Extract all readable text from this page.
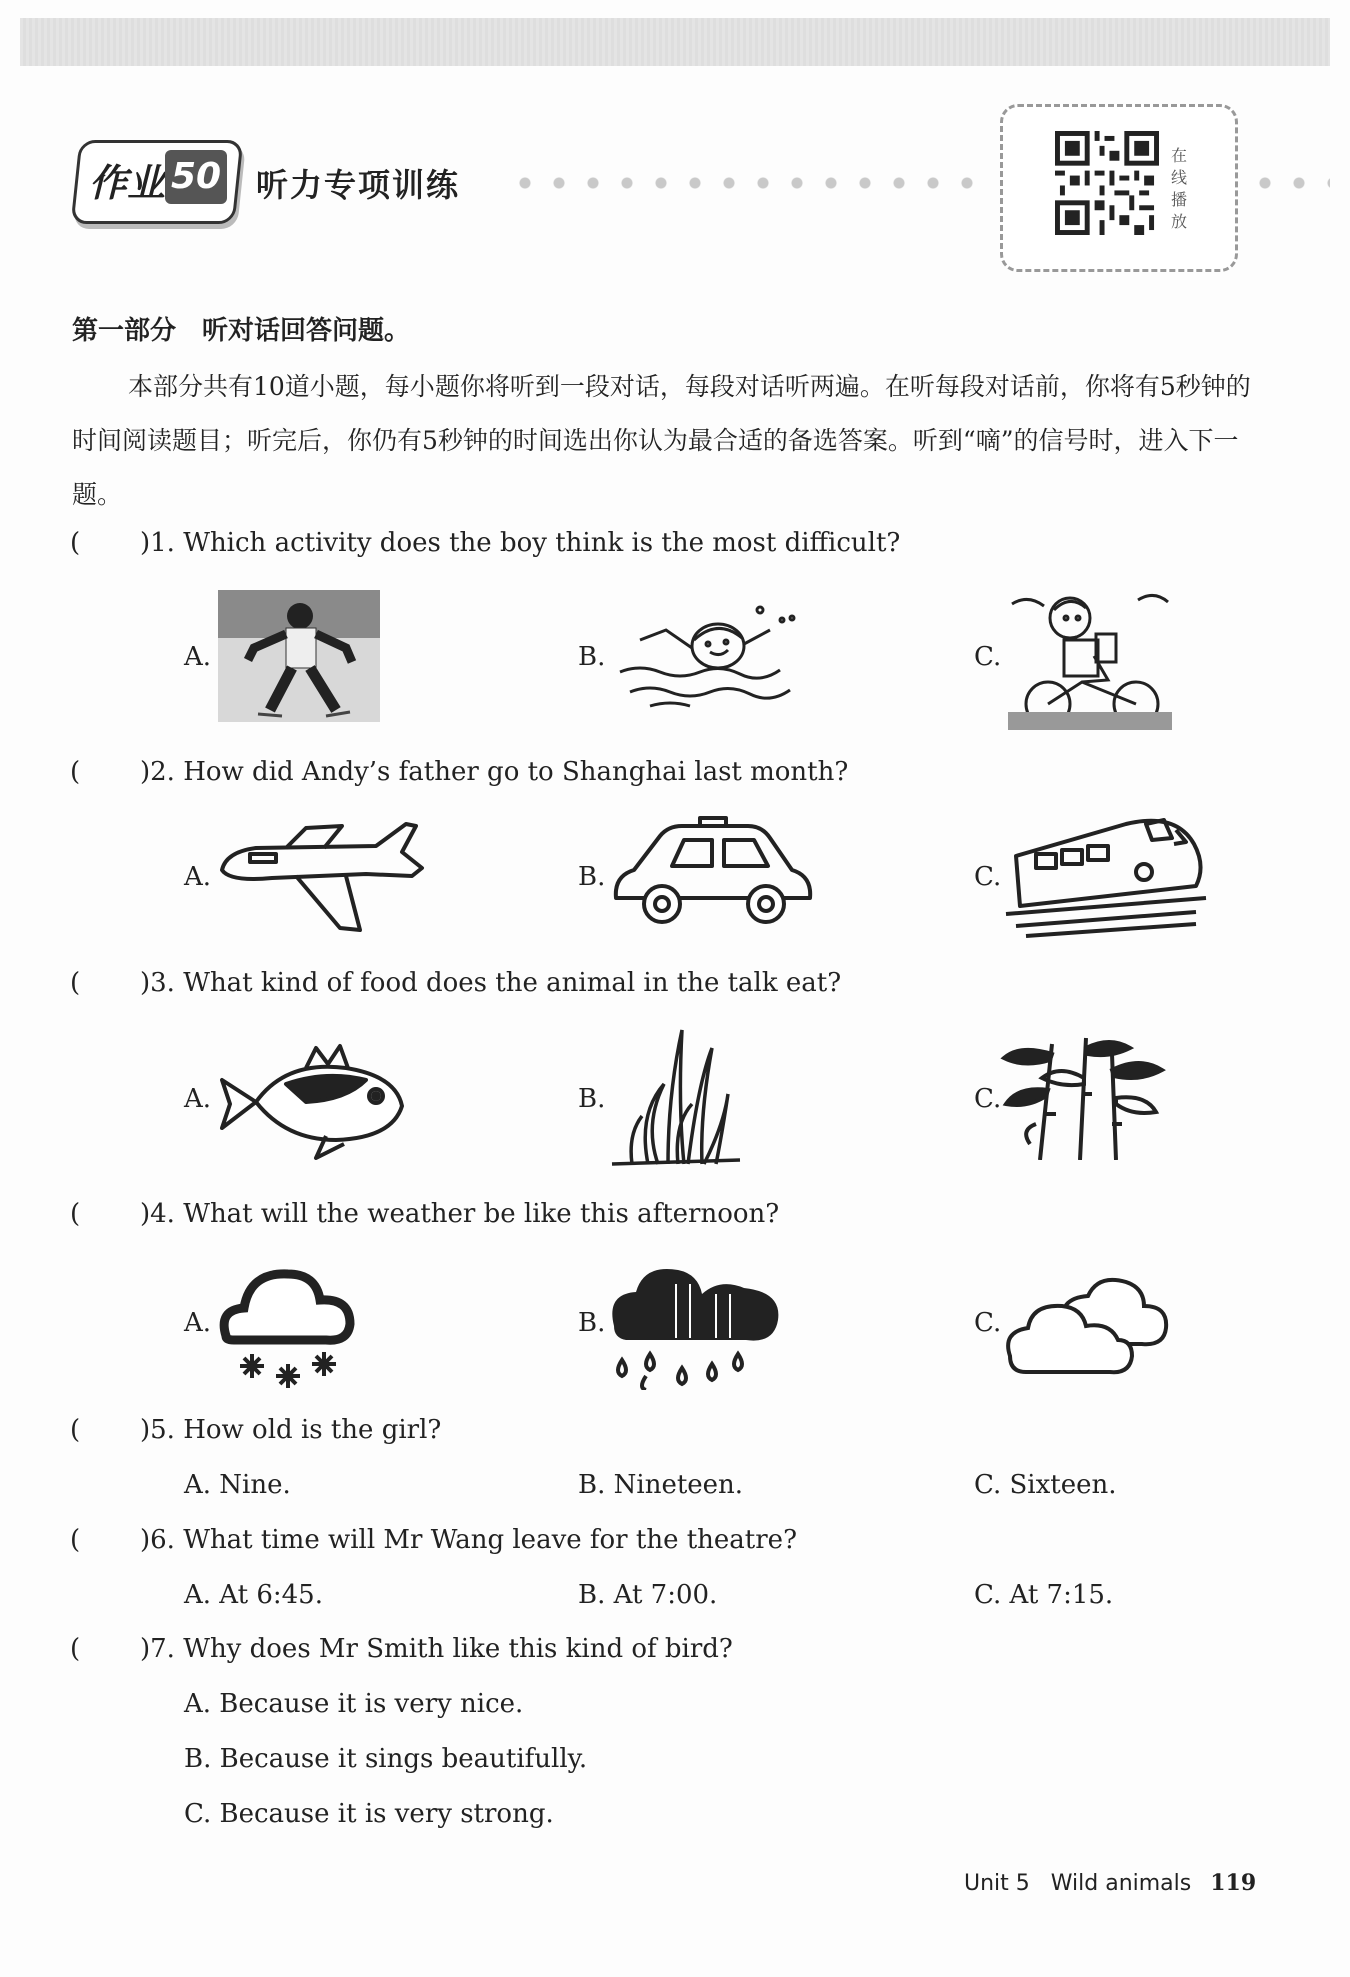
作业 50 听力专项训练
在
线
播
放
第一部分　听对话回答问题。
本部分共有10道小题，每小题你将听到一段对话，每段对话听两遍。在听每段对话前，你将有5秒钟的时间阅读题目；听完后，你仍有5秒钟的时间选出你认为最合适的备选答案。听到“嘀”的信号时，进入下一题。
( )1. Which activity does the boy think is the most difficult?
A.	B.	C.
( )2. How did Andy’s father go to Shanghai last month?
A.	B.	C.
( )3. What kind of food does the animal in the talk eat?
A.	B.	C.
( )4. What will the weather be like this afternoon?
A.	B.	C.
( )5. How old is the girl?
A. Nine.	B. Nineteen.	C. Sixteen.
( )6. What time will Mr Wang leave for the theatre?
A. At 6:45.	B. At 7:00.	C. At 7:15.
( )7. Why does Mr Smith like this kind of bird?
A. Because it is very nice.
B. Because it sings beautifully.
C. Because it is very strong.
Unit 5 Wild animals 119
